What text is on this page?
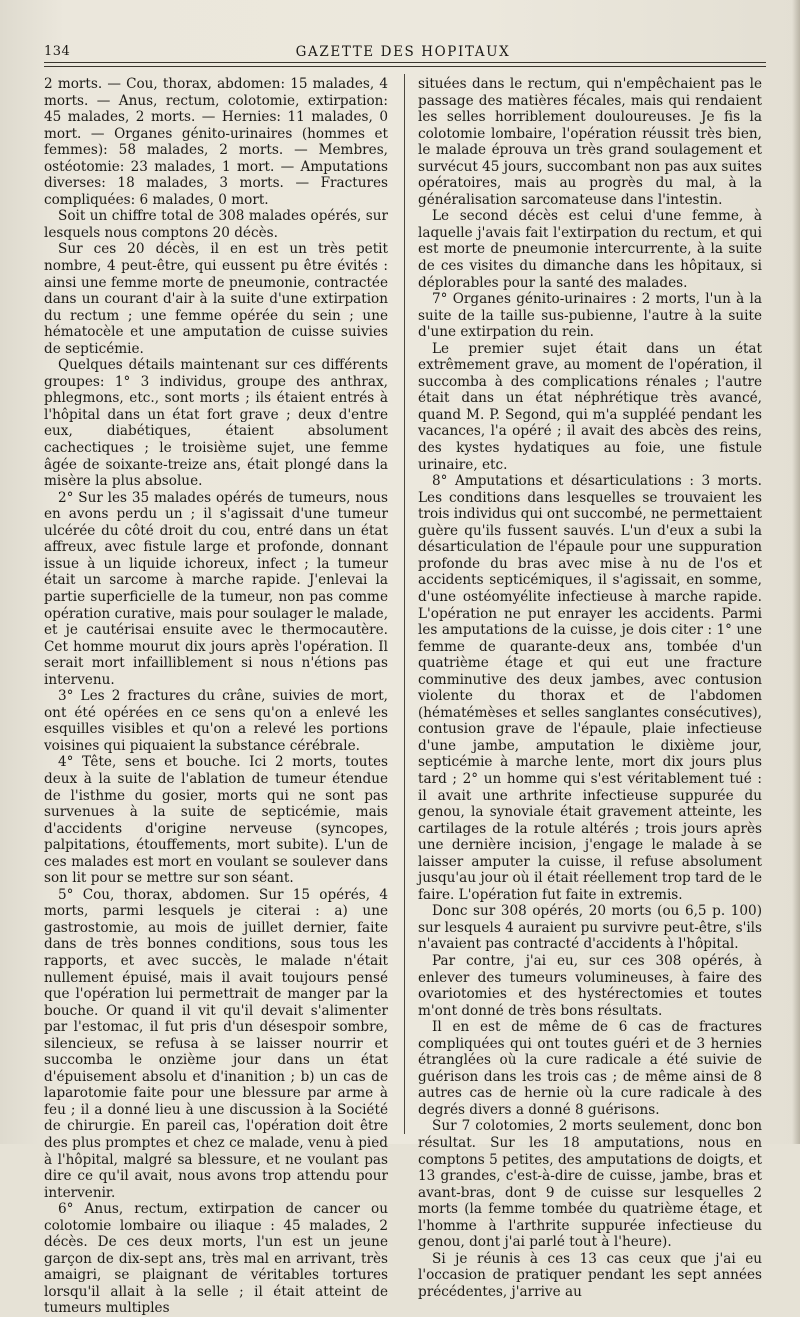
134	GAZETTE DES HOPITAUX

2 morts. — Cou, thorax, abdomen: 15 malades, 4 morts. — Anus, rectum, colotomie, extirpation: 45 malades, 2 morts. — Hernies: 11 malades, 0 mort. — Organes génito-urinaires (hommes et femmes): 58 malades, 2 morts. — Membres, ostéotomie: 23 malades, 1 mort. — Amputations diverses: 18 malades, 3 morts. — Fractures compliquées: 6 malades, 0 mort.

Soit un chiffre total de 308 malades opérés, sur lesquels nous comptons 20 décès.

Sur ces 20 décès, il en est un très petit nombre, 4 peut-être, qui eussent pu être évités : ainsi une femme morte de pneumonie, contractée dans un courant d'air à la suite d'une extirpation du rectum ; une femme opérée du sein ; une hématocèle et une amputation de cuisse suivies de septicémie.

Quelques détails maintenant sur ces différents groupes: 1° 3 individus, groupe des anthrax, phlegmons, etc., sont morts ; ils étaient entrés à l'hôpital dans un état fort grave ; deux d'entre eux, diabétiques, étaient absolument cachectiques ; le troisième sujet, une femme âgée de soixante-treize ans, était plongé dans la misère la plus absolue.

2° Sur les 35 malades opérés de tumeurs, nous en avons perdu un ; il s'agissait d'une tumeur ulcérée du côté droit du cou, entré dans un état affreux, avec fistule large et profonde, donnant issue à un liquide ichoreux, infect ; la tumeur était un sarcome à marche rapide. J'enlevai la partie superficielle de la tumeur, non pas comme opération curative, mais pour soulager le malade, et je cautérisai ensuite avec le thermocautère. Cet homme mourut dix jours après l'opération. Il serait mort infailliblement si nous n'étions pas intervenu.

3° Les 2 fractures du crâne, suivies de mort, ont été opérées en ce sens qu'on a enlevé les esquilles visibles et qu'on a relevé les portions voisines qui piquaient la substance cérébrale.

4° Tête, sens et bouche. Ici 2 morts, toutes deux à la suite de l'ablation de tumeur étendue de l'isthme du gosier, morts qui ne sont pas survenues à la suite de septicémie, mais d'accidents d'origine nerveuse (syncopes, palpitations, étouffements, mort subite). L'un de ces malades est mort en voulant se soulever dans son lit pour se mettre sur son séant.

5° Cou, thorax, abdomen. Sur 15 opérés, 4 morts, parmi lesquels je citerai : a) une gastrostomie, au mois de juillet dernier, faite dans de très bonnes conditions, sous tous les rapports, et avec succès, le malade n'était nullement épuisé, mais il avait toujours pensé que l'opération lui permettrait de manger par la bouche. Or quand il vit qu'il devait s'alimenter par l'estomac, il fut pris d'un désespoir sombre, silencieux, se refusa à se laisser nourrir et succomba le onzième jour dans un état d'épuisement absolu et d'inanition ; b) un cas de laparotomie faite pour une blessure par arme à feu ; il a donné lieu à une discussion à la Société de chirurgie. En pareil cas, l'opération doit être des plus promptes et chez ce malade, venu à pied à l'hôpital, malgré sa blessure, et ne voulant pas dire ce qu'il avait, nous avons trop attendu pour intervenir.

6° Anus, rectum, extirpation de cancer ou colotomie lombaire ou iliaque : 45 malades, 2 décès. De ces deux morts, l'un est un jeune garçon de dix-sept ans, très mal en arrivant, très amaigri, se plaignant de véritables tortures lorsqu'il allait à la selle ; il était atteint de tumeurs multiples

situées dans le rectum, qui n'empêchaient pas le passage des matières fécales, mais qui rendaient les selles horriblement douloureuses. Je fis la colotomie lombaire, l'opération réussit très bien, le malade éprouva un très grand soulagement et survécut 45 jours, succombant non pas aux suites opératoires, mais au progrès du mal, à la généralisation sarcomateuse dans l'intestin.

Le second décès est celui d'une femme, à laquelle j'avais fait l'extirpation du rectum, et qui est morte de pneumonie intercurrente, à la suite de ces visites du dimanche dans les hôpitaux, si déplorables pour la santé des malades.

7° Organes génito-urinaires : 2 morts, l'un à la suite de la taille sus-pubienne, l'autre à la suite d'une extirpation du rein.

Le premier sujet était dans un état extrêmement grave, au moment de l'opération, il succomba à des complications rénales ; l'autre était dans un état néphrétique très avancé, quand M. P. Segond, qui m'a suppléé pendant les vacances, l'a opéré ; il avait des abcès des reins, des kystes hydatiques au foie, une fistule urinaire, etc.

8° Amputations et désarticulations : 3 morts. Les conditions dans lesquelles se trouvaient les trois individus qui ont succombé, ne permettaient guère qu'ils fussent sauvés. L'un d'eux a subi la désarticulation de l'épaule pour une suppuration profonde du bras avec mise à nu de l'os et accidents septicémiques, il s'agissait, en somme, d'une ostéomyélite infectieuse à marche rapide. L'opération ne put enrayer les accidents. Parmi les amputations de la cuisse, je dois citer : 1° une femme de quarante-deux ans, tombée d'un quatrième étage et qui eut une fracture comminutive des deux jambes, avec contusion violente du thorax et de l'abdomen (hématémèses et selles sanglantes consécutives), contusion grave de l'épaule, plaie infectieuse d'une jambe, amputation le dixième jour, septicémie à marche lente, mort dix jours plus tard ; 2° un homme qui s'est véritablement tué : il avait une arthrite infectieuse suppurée du genou, la synoviale était gravement atteinte, les cartilages de la rotule altérés ; trois jours après une dernière incision, j'engage le malade à se laisser amputer la cuisse, il refuse absolument jusqu'au jour où il était réellement trop tard de le faire. L'opération fut faite in extremis.

Donc sur 308 opérés, 20 morts (ou 6,5 p. 100) sur lesquels 4 auraient pu survivre peut-être, s'ils n'avaient pas contracté d'accidents à l'hôpital.

Par contre, j'ai eu, sur ces 308 opérés, à enlever des tumeurs volumineuses, à faire des ovariotomies et des hystérectomies et toutes m'ont donné de très bons résultats.

Il en est de même de 6 cas de fractures compliquées qui ont toutes guéri et de 3 hernies étranglées où la cure radicale a été suivie de guérison dans les trois cas ; de même ainsi de 8 autres cas de hernie où la cure radicale à des degrés divers a donné 8 guérisons.

Sur 7 colotomies, 2 morts seulement, donc bon résultat. Sur les 18 amputations, nous en comptons 5 petites, des amputations de doigts, et 13 grandes, c'est-à-dire de cuisse, jambe, bras et avant-bras, dont 9 de cuisse sur lesquelles 2 morts (la femme tombée du quatrième étage, et l'homme à l'arthrite suppurée infectieuse du genou, dont j'ai parlé tout à l'heure).

Si je réunis à ces 13 cas ceux que j'ai eu l'occasion de pratiquer pendant les sept années précédentes, j'arrive au
